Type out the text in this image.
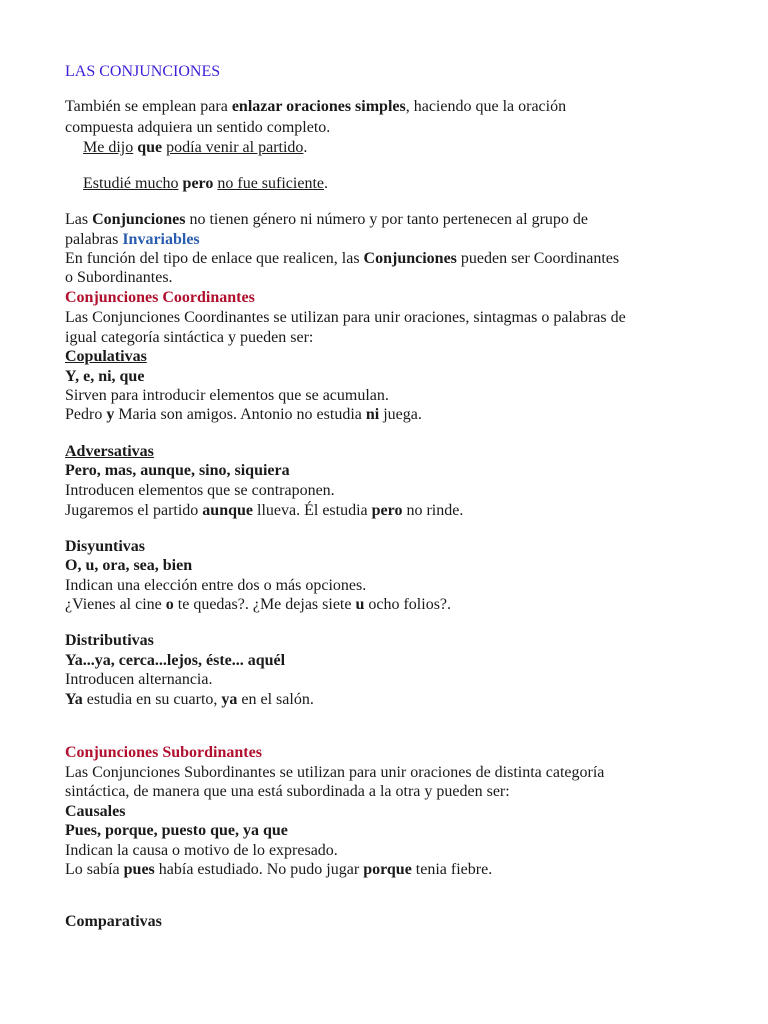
LAS CONJUNCIONES
También se emplean para enlazar oraciones simples, haciendo que la oración
compuesta adquiera un sentido completo.
Me dijo que podía venir al partido.
Estudié mucho pero no fue suficiente.
Las Conjunciones no tienen género ni número y por tanto pertenecen al grupo de
palabras Invariables
En función del tipo de enlace que realicen, las Conjunciones pueden ser Coordinantes
o Subordinantes.
Conjunciones Coordinantes
Las Conjunciones Coordinantes se utilizan para unir oraciones, sintagmas o palabras de
igual categoría sintáctica y pueden ser:
Copulativas
Y, e, ni, que
Sirven para introducir elementos que se acumulan.
Pedro y Maria son amigos. Antonio no estudia ni juega.
Adversativas
Pero, mas, aunque, sino, siquiera
Introducen elementos que se contraponen.
Jugaremos el partido aunque llueva. Él estudia pero no rinde.
Disyuntivas
O, u, ora, sea, bien
Indican una elección entre dos o más opciones.
¿Vienes al cine o te quedas?. ¿Me dejas siete u ocho folios?.
Distributivas
Ya...ya, cerca...lejos, éste... aquél
Introducen alternancia.
Ya estudia en su cuarto, ya en el salón.
Conjunciones Subordinantes
Las Conjunciones Subordinantes se utilizan para unir oraciones de distinta categoría
sintáctica, de manera que una está subordinada a la otra y pueden ser:
Causales
Pues, porque, puesto que, ya que
Indican la causa o motivo de lo expresado.
Lo sabía pues había estudiado. No pudo jugar porque tenia fiebre.
Comparativas
